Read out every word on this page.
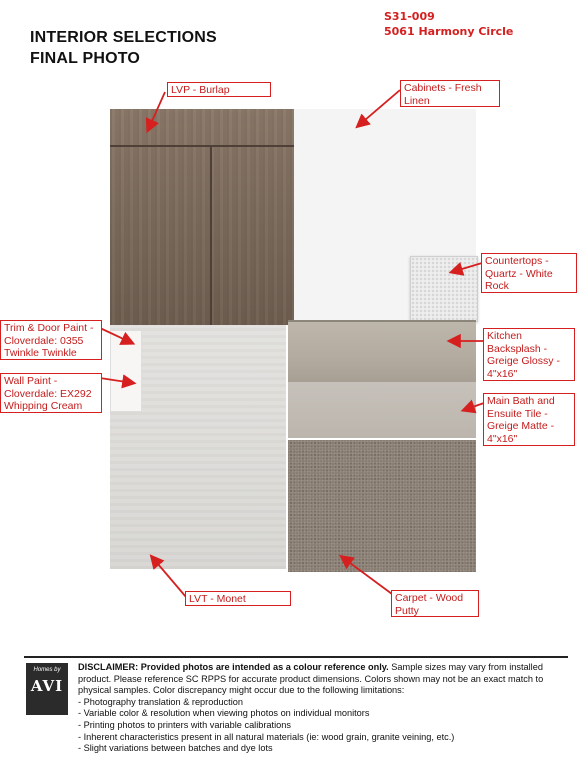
INTERIOR SELECTIONS
FINAL PHOTO
S31-009
5061 Harmony Circle
LVP - Burlap	Cabinets - Fresh
Linen
Countertops -
Quartz - White
Rock
Trim & Door Paint -
Cloverdale: 0355
Twinkle Twinkle
Wall Paint -
Cloverdale: EX292
Whipping Cream
Kitchen
Backsplash -
Greige Glossy -
4"x16"
Main Bath and
Ensuite Tile -
Greige Matte -
4"x16"
LVT - Monet	Carpet - Wood
Putty
Homes by
AVI
DISCLAIMER: Provided photos are intended as a colour reference only. Sample sizes may vary from installed product. Please reference SC RPPS for accurate product dimensions. Colors shown may not be an exact match to physical samples. Color discrepancy might occur due to the following limitations:
- Photography translation & reproduction
- Variable color & resolution when viewing photos on individual monitors
- Printing photos to printers with variable calibrations
- Inherent characteristics present in all natural materials (ie: wood grain, granite veining, etc.)
- Slight variations between batches and dye lots
